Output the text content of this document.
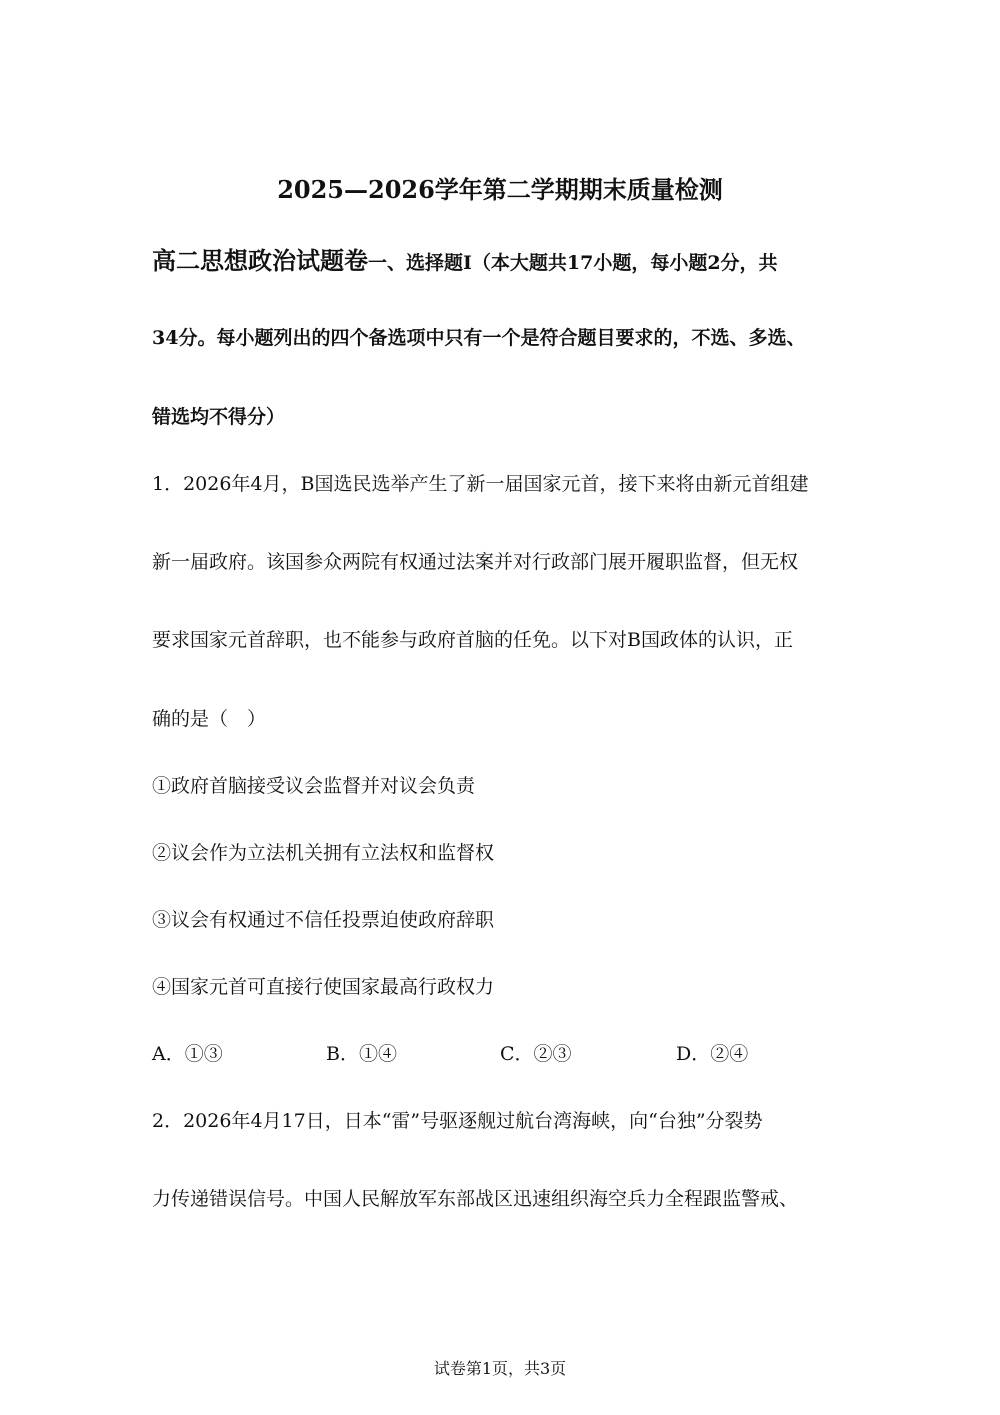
2025—2026学年第二学期期末质量检测
高二思想政治试题卷一、选择题Ⅰ（本大题共17小题，每小题2分，共
34分。每小题列出的四个备选项中只有一个是符合题目要求的，不选、多选、
错选均不得分）
1．2026年4月，B国选民选举产生了新一届国家元首，接下来将由新元首组建
新一届政府。该国参众两院有权通过法案并对行政部门展开履职监督，但无权
要求国家元首辞职，也不能参与政府首脑的任免。以下对B国政体的认识，正
确的是（　）
①政府首脑接受议会监督并对议会负责
②议会作为立法机关拥有立法权和监督权
③议会有权通过不信任投票迫使政府辞职
④国家元首可直接行使国家最高行政权力
A．①③	B．①④	C．②③	D．②④
2．2026年4月17日，日本“雷”号驱逐舰过航台湾海峡，向“台独”分裂势
力传递错误信号。中国人民解放军东部战区迅速组织海空兵力全程跟监警戒、
试卷第1页，共3页
